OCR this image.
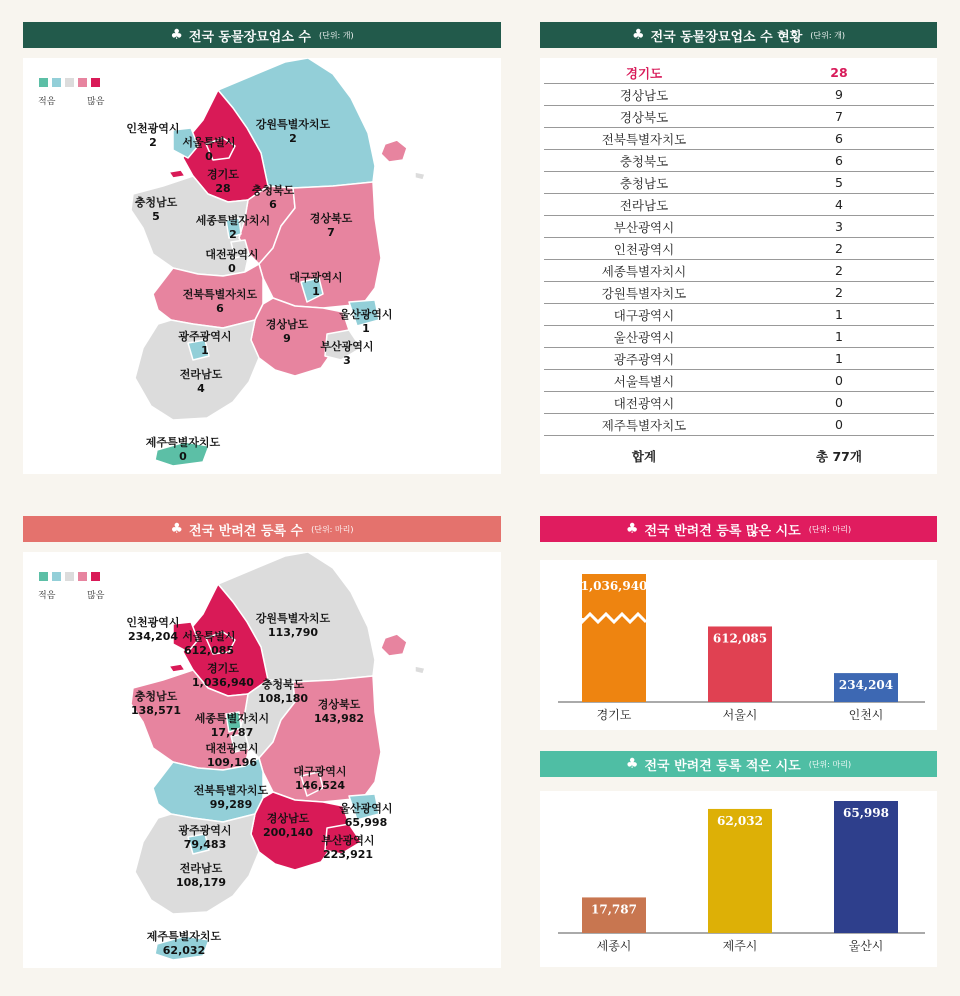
♣ 전국 동물장묘업소 수 (단위: 개)
적음	많음
인천광역시
2	서울특별시
0
강원특별자치도
2
경기도
28	충청북도
6
충청남도
5	세종특별자치시
2
경상북도
7
대전광역시
0
대구광역시
1
전북특별자치도
6	울산광역시
1
경상남도
9
광주광역시
1	부산광역시
3
전라남도
4
제주특별자치도
0
♣ 전국 동물장묘업소 수 현황 (단위: 개)
경기도	28
경상남도	9
경상북도	7
전북특별자치도	6
충청북도	6
충청남도	5
전라남도	4
부산광역시	3
인천광역시	2
세종특별자치시	2
강원특별자치도	2
대구광역시	1
울산광역시	1
광주광역시	1
서울특별시	0
대전광역시	0
제주특별자치도	0
합계	총 77개
♣ 전국 반려견 등록 수 (단위: 마리)
적음	많음
인천광역시
234,204 서울특별시
612,085
강원특별자치도
113,790
경기도
1,036,940 충청북도
108,180
충청남도
138,571	경상북도
143,982
세종특별자치시
17,787
대전광역시
109,196
대구광역시
146,524
전북특별자치도
99,289	울산광역시
65,998
경상남도
200,140
광주광역시
79,483	부산광역시
223,921
전라남도
108,179
제주특별자치도
62,032
♣ 전국 반려견 등록 많은 시도 (단위: 마리)
1,036,940
경기도
612,085
서울시
234,204
인천시
♣ 전국 반려견 등록 적은 시도 (단위: 마리)
17,787
세종시
62,032
제주시
65,998
울산시
